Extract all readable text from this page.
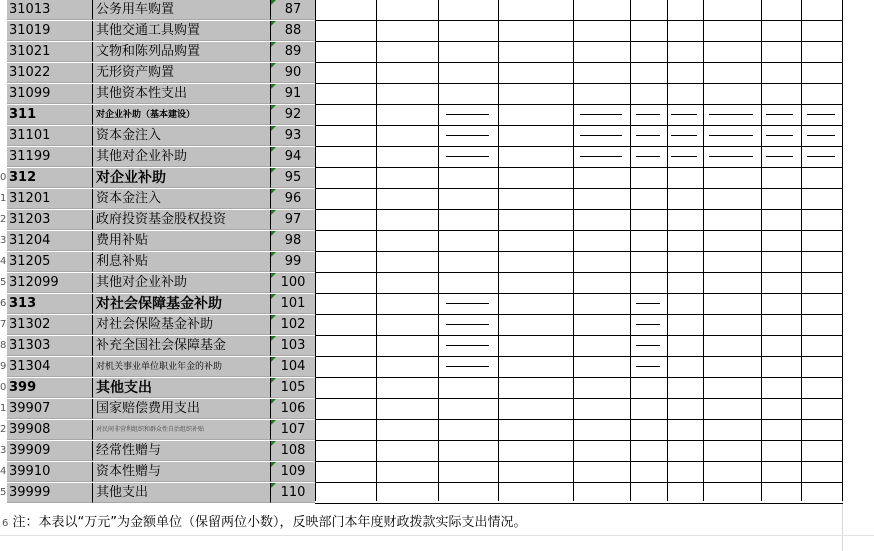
31013	公务用车购置	87
31019	其他交通工具购置	88
31021	文物和陈列品购置	89
31022	无形资产购置	90
31099	其他资本性支出	91
311	对企业补助（基本建设）	92
31101	资本金注入	93
31199	其他对企业补助	94
0 312	对企业补助	95
1 31201	资本金注入	96
2 31203	政府投资基金股权投资	97
3 31204	费用补贴	98
4 31205	利息补贴	99
5 312099	其他对企业补助	100
6 313	对社会保障基金补助	101
7 31302	对社会保险基金补助	102
8 31303	补充全国社会保障基金	103
9 31304	对机关事业单位职业年金的补助	104
0 399	其他支出	105
1 39907	国家赔偿费用支出	106
2 39908	对民间非营利组织和群众性自治组织补贴	107
3 39909	经常性赠与	108
4 39910	资本性赠与	109
5 39999	其他支出	110
6 注：本表以“万元”为金额单位（保留两位小数），反映部门本年度财政拨款实际支出情况。
